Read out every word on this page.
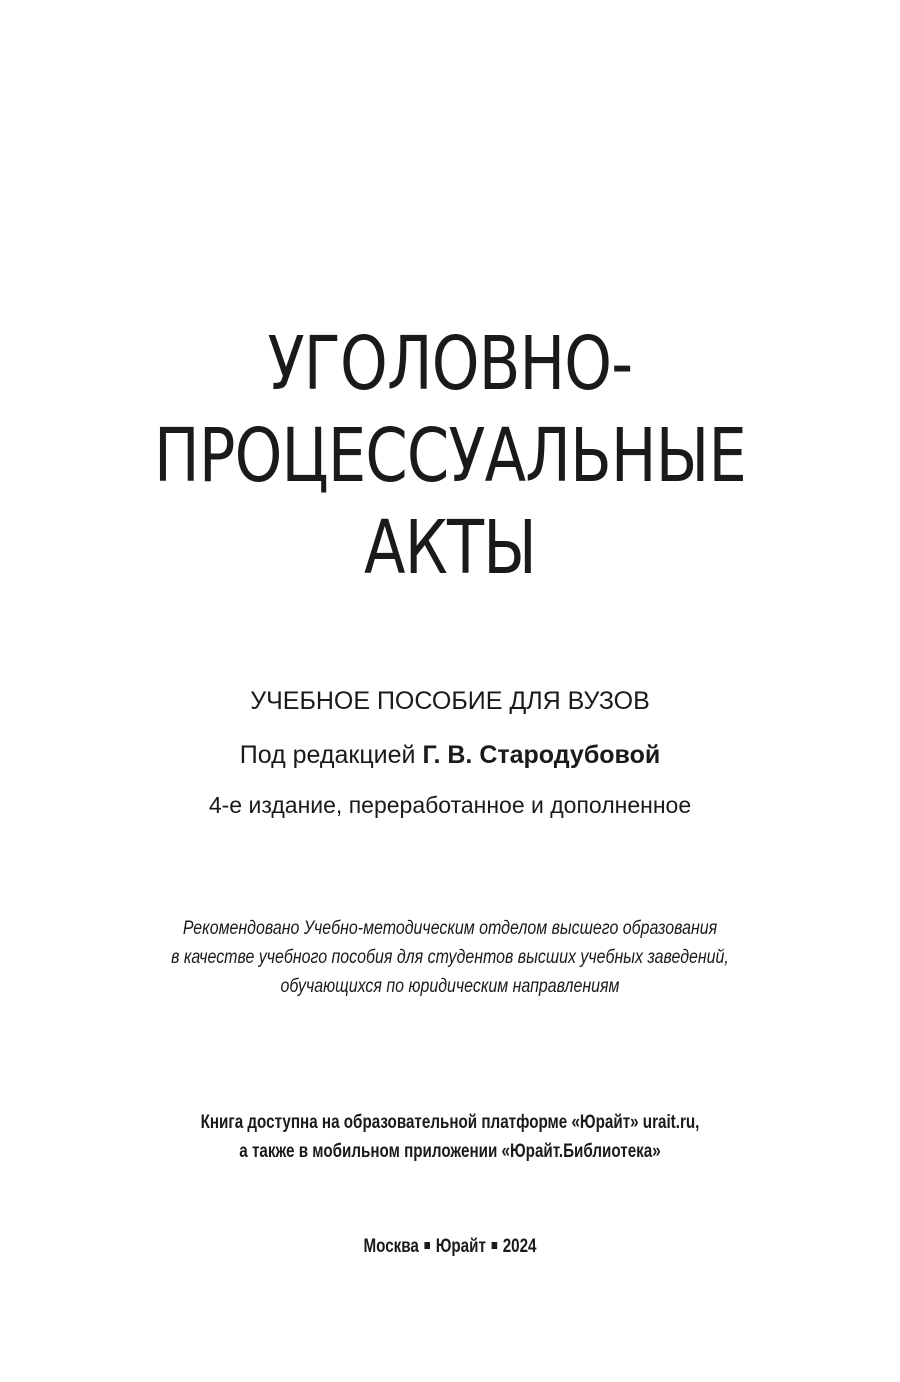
УГОЛОВНО-
ПРОЦЕССУАЛЬНЫЕ
АКТЫ
УЧЕБНОЕ ПОСОБИЕ ДЛЯ ВУЗОВ
Под редакцией Г. В. Стародубовой
4-е издание, переработанное и дополненное
Рекомендовано Учебно-методическим отделом высшего образования
в качестве учебного пособия для студентов высших учебных заведений,
обучающихся по юридическим направлениям
Книга доступна на образовательной платформе «Юрайт» urait.ru,
а также в мобильном приложении «Юрайт.Библиотека»
Москва Юрайт 2024
